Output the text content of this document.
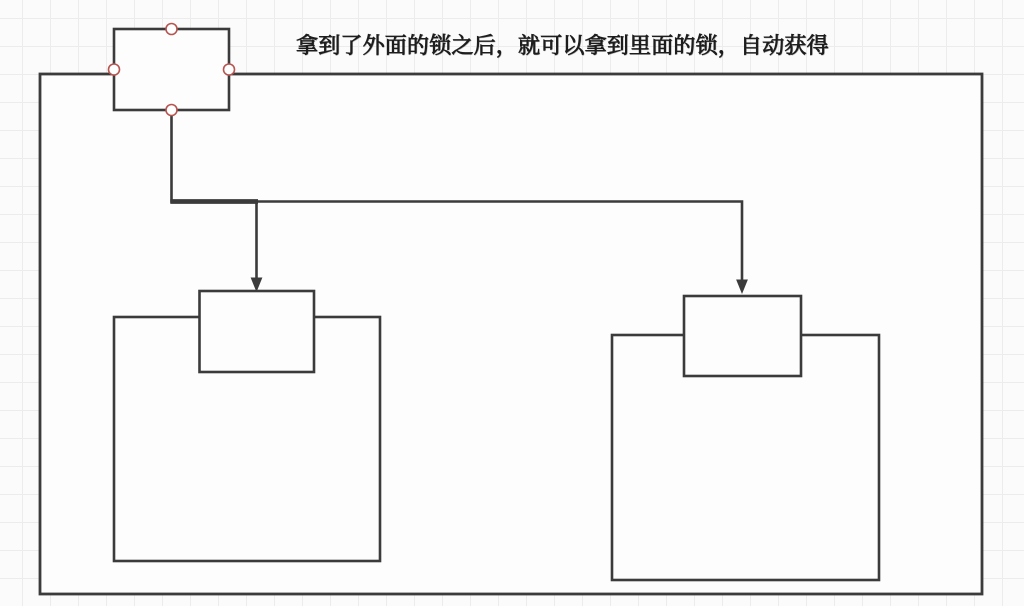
拿到了外面的锁之后，就可以拿到里面的锁，自动获得
